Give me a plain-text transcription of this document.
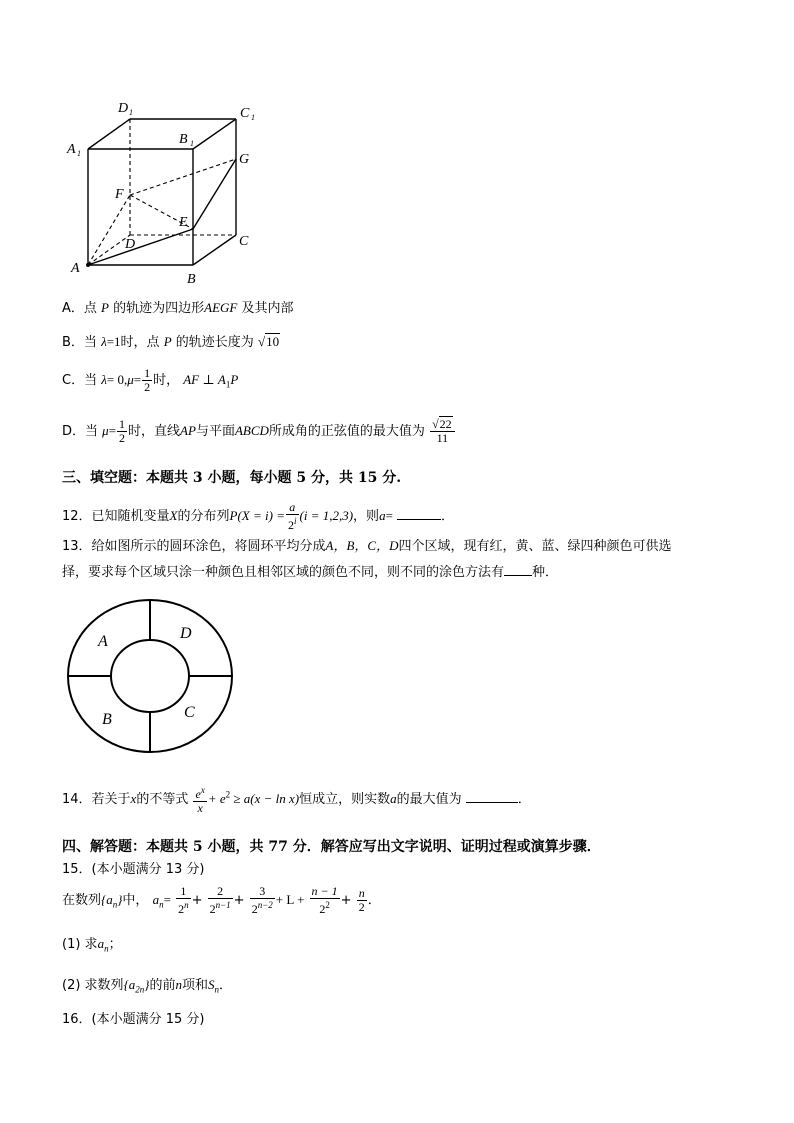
D 1	C 1
A 1
B 1
G
F
E
D	C
A
B
A．点 P 的轨迹为四边形AEGF 及其内部
B．当 λ=1时，点 P 的轨迹长度为 √10
C．当 $\lambda= 0,\mu= \frac{1}{2}$ 时， AF ⊥ $A_1P$
D．当 $\mu= \frac{1}{2}$ 时，直线AP与平面ABCD所成角的正弦值的最大值为 $\frac{√22}{11}$
三、填空题：本题共 3 小题，每小题 5 分，共 15 分.
12．已知随机变量X的分布列$P(X = i) = \frac{a}{2^i} (i = 1,2,3)$，则a=	．
13．给如图所示的圆环涂色，将圆环平均分成A，B，C，D四个区域，现有红，黄、蓝、绿四种颜色可供选
择，要求每个区域只涂一种颜色且相邻区域的颜色不同，则不同的涂色方法有 种．
A	D
B	C
14．若关于x的不等式 $\frac{e^x}{x} + e^2 \ge a(x - \ln x)$恒成立，则实数a的最大值为	．
四、解答题：本题共 5 小题，共 77 分．解答应写出文字说明、证明过程或演算步骤．
15．(本小题满分 13 分)
在数列$\{a_n\}$中， $a_n= \frac{1}{2^n} + \frac{2}{2^{n-1}} + \frac{3}{2^{n-2}} + L + \frac{n - 1}{2^2} + \frac{n}{2}$ ．
(1) 求$a_n$；
(2) 求数列$\{a_{2n}\}$的前n项和$S_n$．
16．(本小题满分 15 分)
